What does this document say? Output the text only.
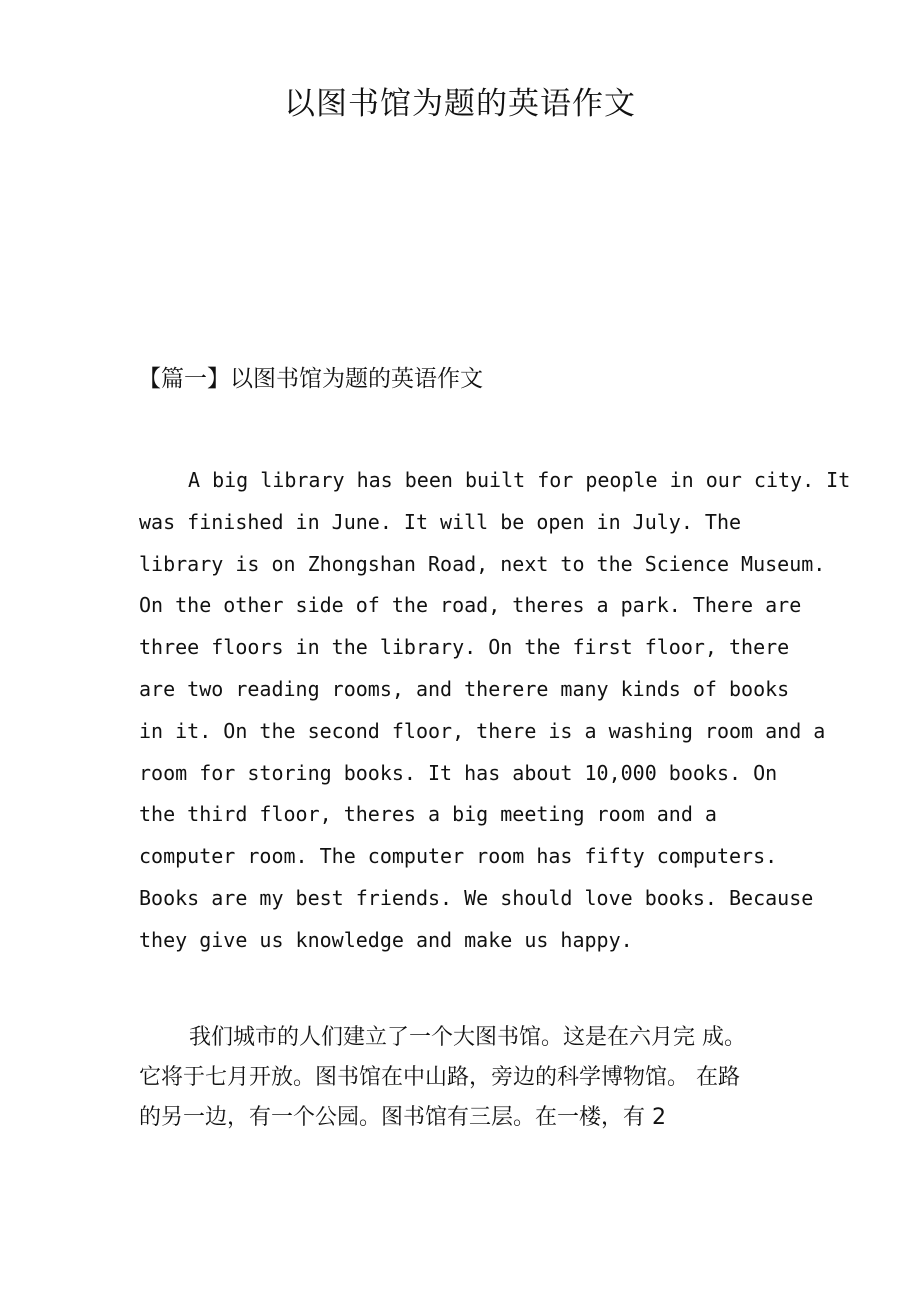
以图书馆为题的英语作文
【篇一】以图书馆为题的英语作文
A big library has been built for people in our city. It
was finished in June. It will be open in July. The
library is on Zhongshan Road, next to the Science Museum.
On the other side of the road, theres a park. There are
three floors in the library. On the first floor, there
are two reading rooms, and therere many kinds of books
in it. On the second floor, there is a washing room and a
room for storing books. It has about 10,000 books. On
the third floor, theres a big meeting room and a
computer room. The computer room has fifty computers.
Books are my best friends. We should love books. Because
they give us knowledge and make us happy.
我们城市的人们建立了一个大图书馆。这是在六月完 成。
它将于七月开放。图书馆在中山路，旁边的科学博物馆。 在路
的另一边，有一个公园。图书馆有三层。在一楼，有 2
